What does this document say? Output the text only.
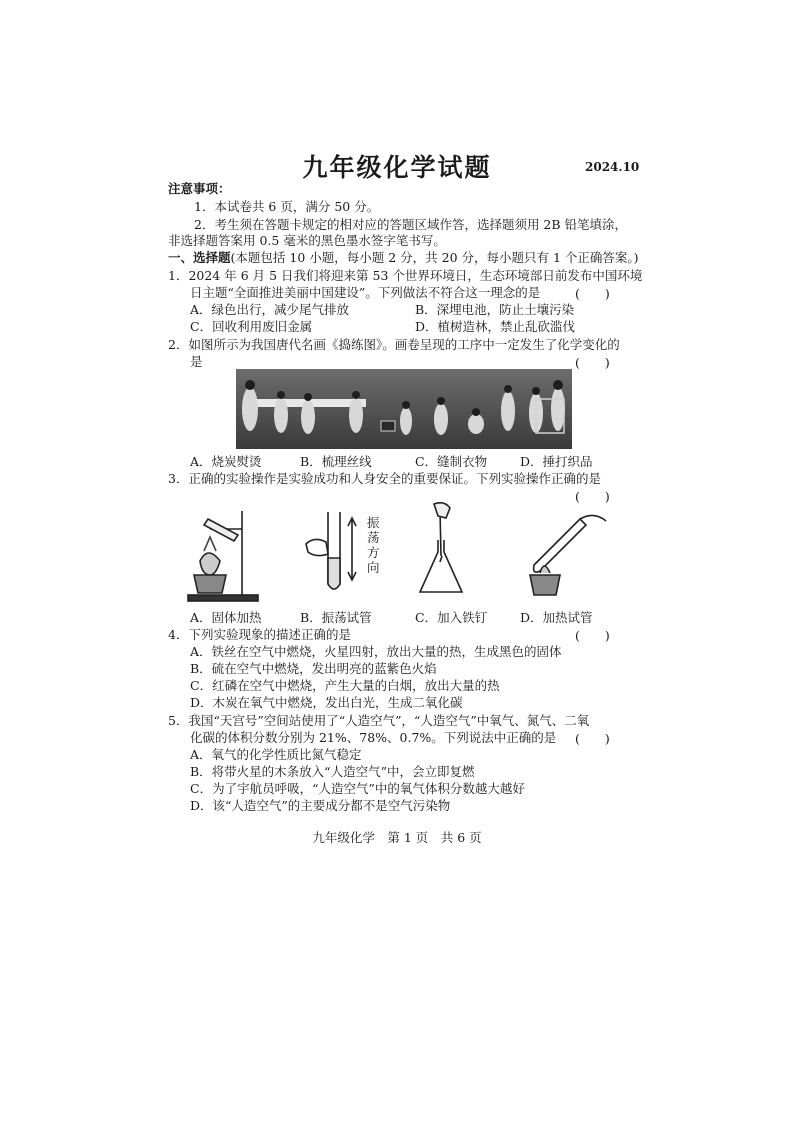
九年级化学试题	2024.10
注意事项：
1．本试卷共 6 页，满分 50 分。
2．考生须在答题卡规定的相对应的答题区域作答，选择题须用 2B 铅笔填涂，
非选择题答案用 0.5 毫米的黑色墨水签字笔书写。
一、选择题(本题包括 10 小题，每小题 2 分，共 20 分，每小题只有 1 个正确答案。)
1．2024 年 6 月 5 日我们将迎来第 53 个世界环境日，生态环境部日前发布中国环境
日主题“全面推进美丽中国建设”。下列做法不符合这一理念的是	(　　)
A．绿色出行，减少尾气排放	B．深埋电池，防止土壤污染
C．回收利用废旧金属	D．植树造林，禁止乱砍滥伐
2．如图所示为我国唐代名画《捣练图》。画卷呈现的工序中一定发生了化学变化的
是	(　　)
A．烧炭熨烫	B．梳理丝线	C．缝制衣物	D．捶打织品
3．正确的实验操作是实验成功和人身安全的重要保证。下列实验操作正确的是
(　　)
振荡方向
A．固体加热	B．振荡试管	C．加入铁钉	D．加热试管
4．下列实验现象的描述正确的是	(　　)
A．铁丝在空气中燃烧，火星四射，放出大量的热，生成黑色的固体
B．硫在空气中燃烧，发出明亮的蓝紫色火焰
C．红磷在空气中燃烧，产生大量的白烟，放出大量的热
D．木炭在氧气中燃烧，发出白光，生成二氧化碳
5．我国“天宫号”空间站使用了“人造空气”，“人造空气”中氧气、氮气、二氧
化碳的体积分数分别为 21%、78%、0.7%。下列说法中正确的是 (　　)
A．氧气的化学性质比氮气稳定
B．将带火星的木条放入“人造空气”中，会立即复燃
C．为了宇航员呼吸，“人造空气”中的氧气体积分数越大越好
D．该“人造空气”的主要成分都不是空气污染物
九年级化学　第 1 页　共 6 页
